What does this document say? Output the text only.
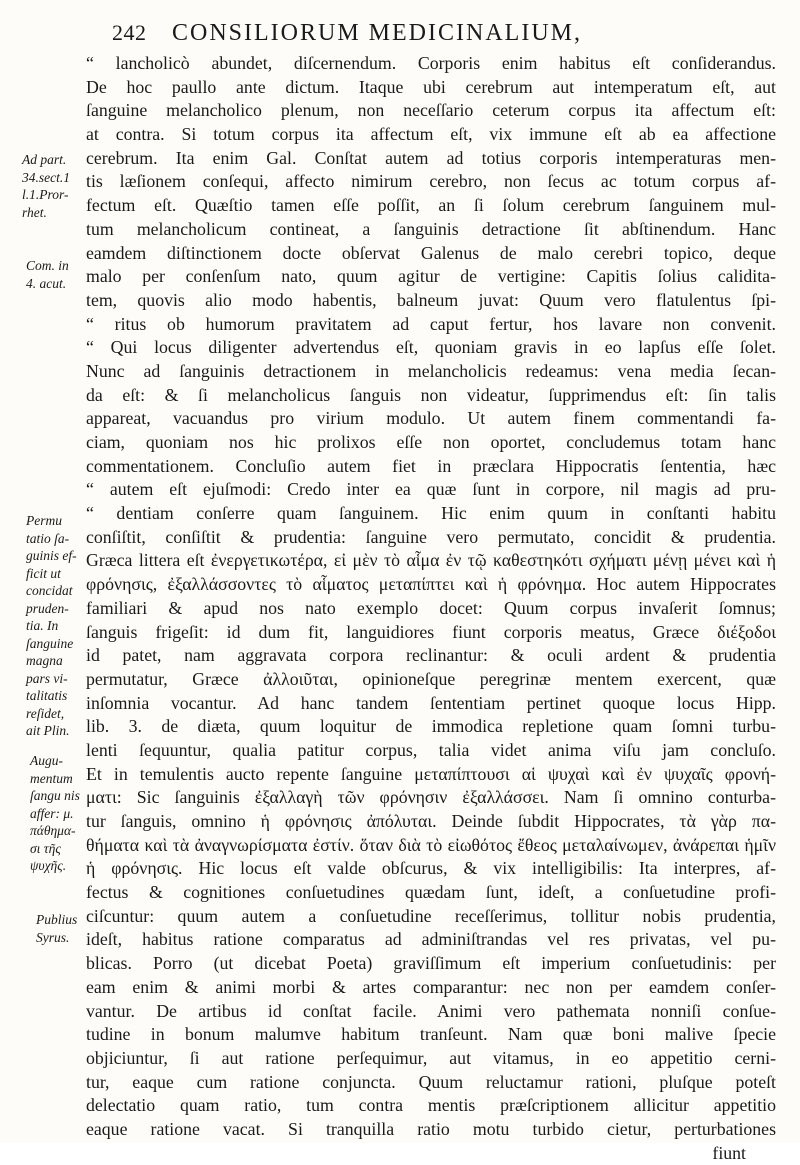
242 CONSILIORUM MEDICINALIUM,
Ad part.
34.sect.1
l.1.Pror-
rhet.
Com. in
4. acut.
Permu
tatio ſa-
guinis ef-
ficit ut
concidat
pruden-
tia. In
ſanguine
magna
pars vi-
talitatis
reſidet,
ait Plin.
Augu-
mentum
ſangu nis
affer: μ.
πάθημα-
σι τῆς
ψυχῆς.
Publius
Syrus.
“ lancholicò abundet, diſcernendum. Corporis enim habitus eſt conſiderandus.
De hoc paullo ante dictum. Itaque ubi cerebrum aut intemperatum eſt, aut
ſanguine melancholico plenum, non neceſſario ceterum corpus ita affectum eſt:
at contra. Si totum corpus ita affectum eſt, vix immune eſt ab ea affectione
cerebrum. Ita enim Gal. Conſtat autem ad totius corporis intemperaturas men-
tis læſionem conſequi, affecto nimirum cerebro, non ſecus ac totum corpus af-
fectum eſt. Quæſtio tamen eſſe poſſit, an ſi ſolum cerebrum ſanguinem mul-
tum melancholicum contineat, a ſanguinis detractione ſit abſtinendum. Hanc
eamdem diſtinctionem docte obſervat Galenus de malo cerebri topico, deque
malo per conſenſum nato, quum agitur de vertigine: Capitis ſolius calidita-
tem, quovis alio modo habentis, balneum juvat: Quum vero flatulentus ſpi-
“ ritus ob humorum pravitatem ad caput fertur, hos lavare non convenit.
“ Qui locus diligenter advertendus eſt, quoniam gravis in eo lapſus eſſe ſolet.
Nunc ad ſanguinis detractionem in melancholicis redeamus: vena media ſecan-
da eſt: & ſi melancholicus ſanguis non videatur, ſupprimendus eſt: ſin talis
appareat, vacuandus pro virium modulo. Ut autem finem commentandi fa-
ciam, quoniam nos hic prolixos eſſe non oportet, concludemus totam hanc
commentationem. Concluſio autem fiet in præclara Hippocratis ſententia, hæc
“ autem eſt ejuſmodi: Credo inter ea quæ ſunt in corpore, nil magis ad pru-
“ dentiam conſerre quam ſanguinem. Hic enim quum in conſtanti habitu
conſiſtit, conſiſtit & prudentia: ſanguine vero permutato, concidit & prudentia.
Græca littera eſt ἐνεργετικωτέρα, εἰ μὲν τὸ αἷμα ἐν τῷ καθεστηκότι σχήματι μένῃ μένει καὶ ἡ
φρόνησις, ἐξαλλάσσοντες τὸ αἷματος μεταπίπτει καὶ ἡ φρόνημα. Hoc autem Hippocrates
familiari & apud nos nato exemplo docet: Quum corpus invaſerit ſomnus;
ſanguis frigeſit: id dum fit, languidiores fiunt corporis meatus, Græce διέξοδοι
id patet, nam aggravata corpora reclinantur: & oculi ardent & prudentia
permutatur, Græce ἀλλοιῦται, opinioneſque peregrinæ mentem exercent, quæ
inſomnia vocantur. Ad hanc tandem ſententiam pertinet quoque locus Hipp.
lib. 3. de diæta, quum loquitur de immodica repletione quam ſomni turbu-
lenti ſequuntur, qualia patitur corpus, talia videt anima viſu jam concluſo.
Et in temulentis aucto repente ſanguine μεταπίπτουσι αἱ ψυχαὶ καὶ ἐν ψυχαῖς φρονή-
ματι: Sic ſanguinis ἐξαλλαγὴ τῶν φρόνησιν ἐξαλλάσσει. Nam ſi omnino conturba-
tur ſanguis, omnino ἡ φρόνησις ἀπόλυται. Deinde ſubdit Hippocrates, τὰ γὰρ πα-
θήματα καὶ τὰ ἀναγνωρίσματα ἐστίν. ὅταν διὰ τὸ εἰωθότος ἔθεος μεταλαίνωμεν, ἀνάρεπαι ἡμῖν
ἡ φρόνησις. Hic locus eſt valde obſcurus, & vix intelligibilis: Ita interpres, af-
fectus & cognitiones conſuetudines quædam ſunt, ideſt, a conſuetudine profi-
ciſcuntur: quum autem a conſuetudine receſſerimus, tollitur nobis prudentia,
ideſt, habitus ratione comparatus ad adminiſtrandas vel res privatas, vel pu-
blicas. Porro (ut dicebat Poeta) graviſſimum eſt imperium conſuetudinis: per
eam enim & animi morbi & artes comparantur: nec non per eamdem conſer-
vantur. De artibus id conſtat facile. Animi vero pathemata nonniſi conſue-
tudine in bonum malumve habitum tranſeunt. Nam quæ boni malive ſpecie
objiciuntur, ſi aut ratione perſequimur, aut vitamus, in eo appetitio cerni-
tur, eaque cum ratione conjuncta. Quum reluctamur rationi, pluſque poteſt
delectatio quam ratio, tum contra mentis præſcriptionem allicitur appetitio
eaque ratione vacat. Si tranquilla ratio motu turbido cietur, perturbationes
fiunt
